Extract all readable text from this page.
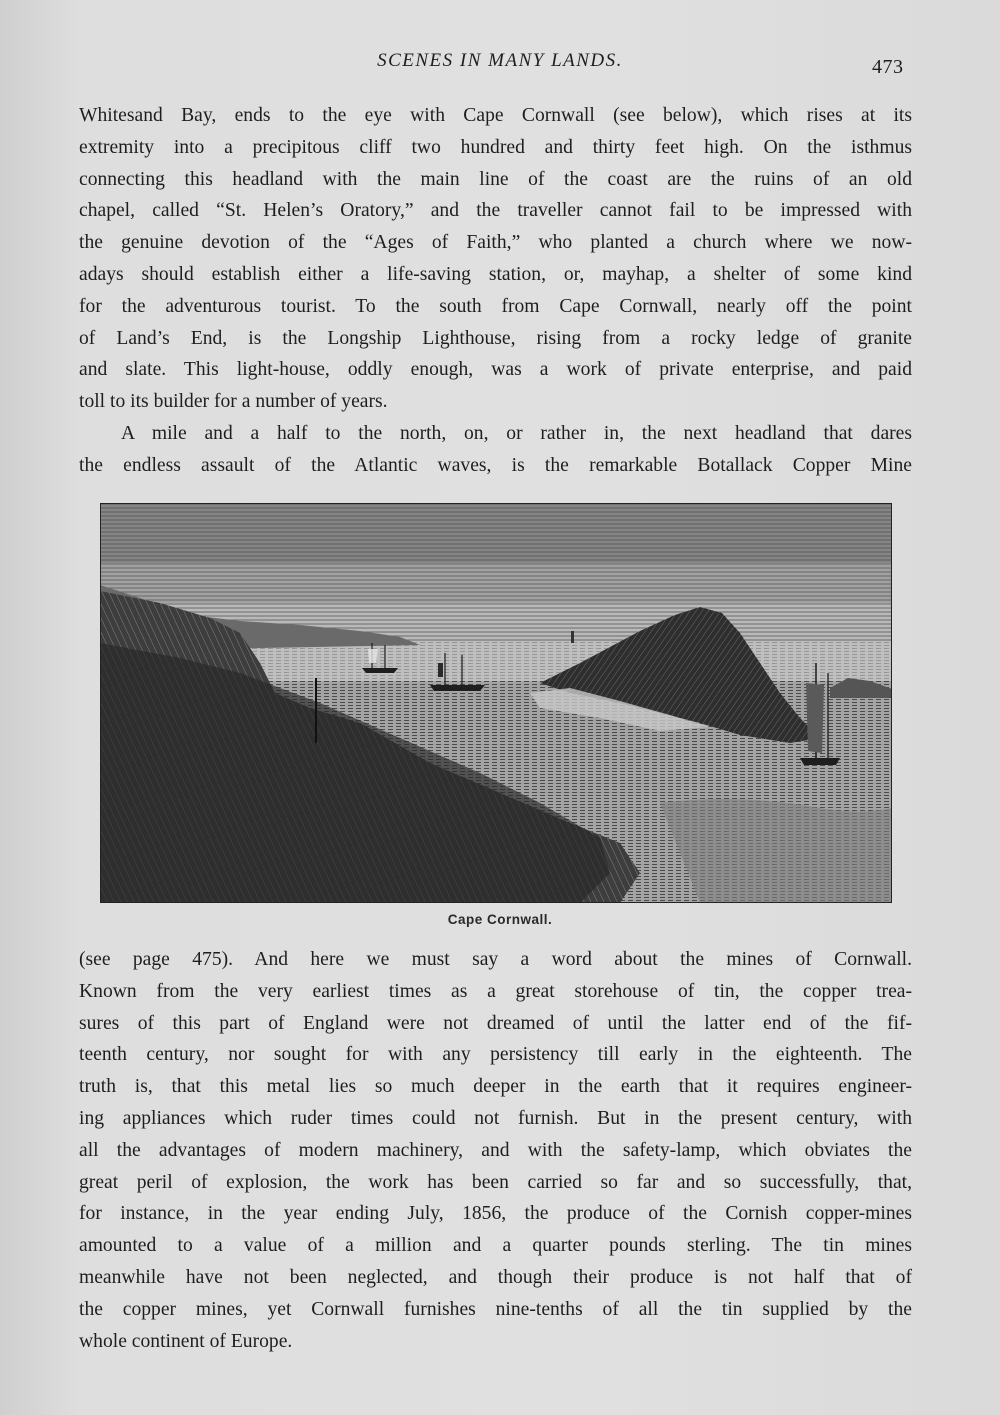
SCENES IN MANY LANDS.	473
Whitesand Bay, ends to the eye with Cape Cornwall (see below), which rises at its
extremity into a precipitous cliff two hundred and thirty feet high. On the isthmus
connecting this headland with the main line of the coast are the ruins of an old
chapel, called “St. Helen’s Oratory,” and the traveller cannot fail to be impressed with
the genuine devotion of the “Ages of Faith,” who planted a church where we now-
adays should establish either a life-saving station, or, mayhap, a shelter of some kind
for the adventurous tourist. To the south from Cape Cornwall, nearly off the point
of Land’s End, is the Longship Lighthouse, rising from a rocky ledge of granite
and slate. This light-house, oddly enough, was a work of private enterprise, and paid
toll to its builder for a number of years.
A mile and a half to the north, on, or rather in, the next headland that dares
the endless assault of the Atlantic waves, is the remarkable Botallack Copper Mine
Cape Cornwall.
(see page 475). And here we must say a word about the mines of Cornwall.
Known from the very earliest times as a great storehouse of tin, the copper trea-
sures of this part of England were not dreamed of until the latter end of the fif-
teenth century, nor sought for with any persistency till early in the eighteenth. The
truth is, that this metal lies so much deeper in the earth that it requires engineer-
ing appliances which ruder times could not furnish. But in the present century, with
all the advantages of modern machinery, and with the safety-lamp, which obviates the
great peril of explosion, the work has been carried so far and so successfully, that,
for instance, in the year ending July, 1856, the produce of the Cornish copper-mines
amounted to a value of a million and a quarter pounds sterling. The tin mines
meanwhile have not been neglected, and though their produce is not half that of
the copper mines, yet Cornwall furnishes nine-tenths of all the tin supplied by the
whole continent of Europe.
